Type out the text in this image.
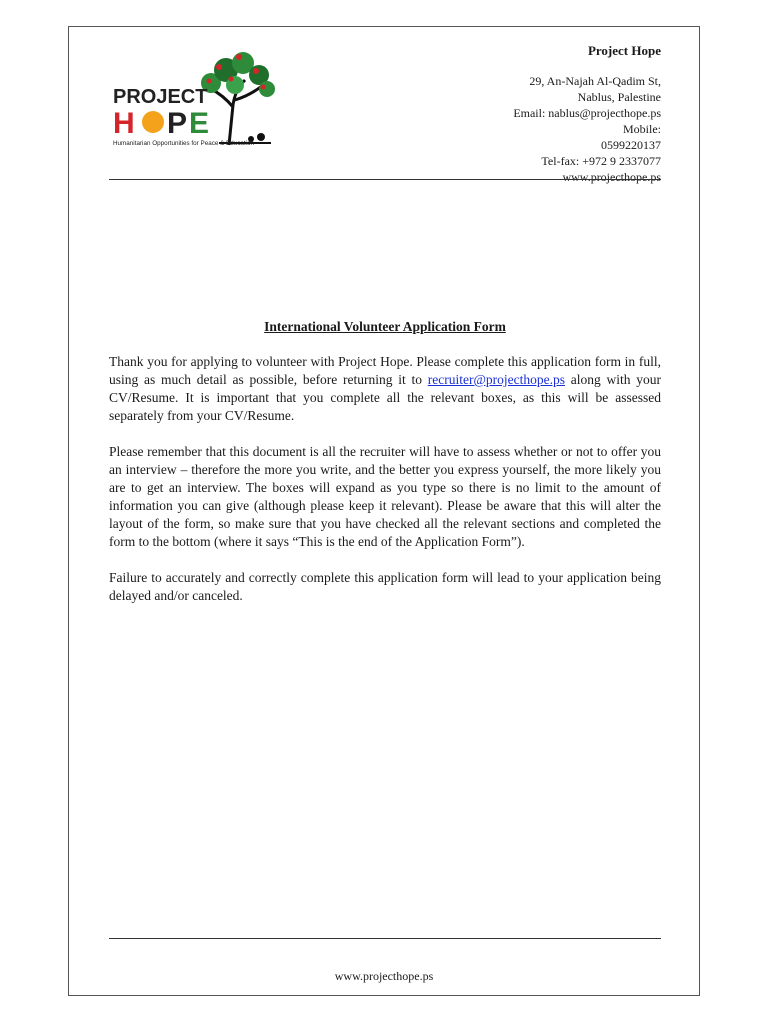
PROJECT
H P E
Humanitarian Opportunities for Peace & Education
Project Hope
29, An-Najah Al-Qadim St,
Nablus, Palestine
Email: nablus@projecthope.ps
Mobile:
0599220137
Tel-fax: +972 9 2337077
www.projecthope.ps
International Volunteer Application Form

Thank you for applying to volunteer with Project Hope. Please complete this application form in full, using as much detail as possible, before returning it to recruiter@projecthope.ps along with your CV/Resume. It is important that you complete all the relevant boxes, as this will be assessed separately from your CV/Resume.

Please remember that this document is all the recruiter will have to assess whether or not to offer you an interview – therefore the more you write, and the better you express yourself, the more likely you are to get an interview. The boxes will expand as you type so there is no limit to the amount of information you can give (although please keep it relevant). Please be aware that this will alter the layout of the form, so make sure that you have checked all the relevant sections and completed the form to the bottom (where it says “This is the end of the Application Form”).

Failure to accurately and correctly complete this application form will lead to your application being delayed and/or canceled.

www.projecthope.ps
